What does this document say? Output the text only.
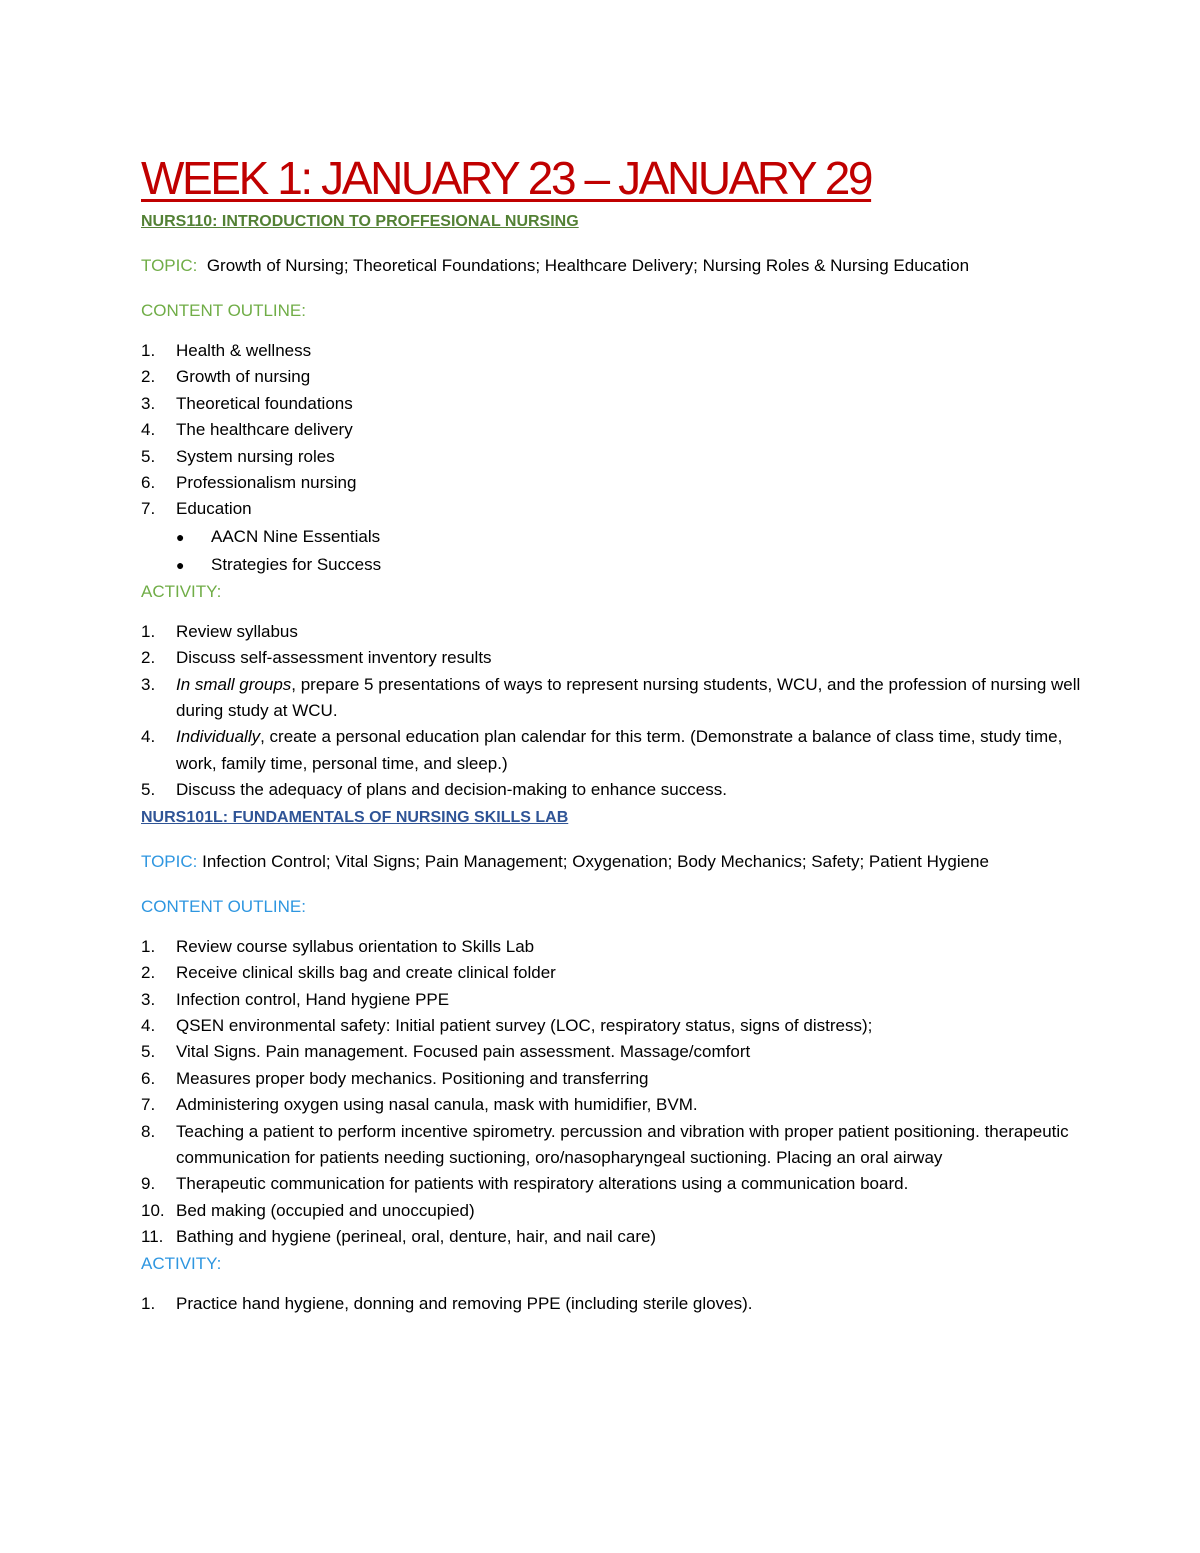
WEEK 1: JANUARY 23 – JANUARY 29
NURS110: INTRODUCTION TO PROFFESIONAL NURSING

TOPIC: Growth of Nursing; Theoretical Foundations; Healthcare Delivery; Nursing Roles & Nursing Education

CONTENT OUTLINE:
1.	Health & wellness
2.	Growth of nursing
3.	Theoretical foundations
4.	The healthcare delivery
5.	System nursing roles
6.	Professionalism nursing
7.	Education
● AACN Nine Essentials
● Strategies for Success
ACTIVITY:
1.	Review syllabus
2.	Discuss self-assessment inventory results
3.	In small groups, prepare 5 presentations of ways to represent nursing students, WCU, and the profession of nursing well during study at WCU.
4.	Individually, create a personal education plan calendar for this term. (Demonstrate a balance of class time, study time, work, family time, personal time, and sleep.)
5.	Discuss the adequacy of plans and decision-making to enhance success.
NURS101L: FUNDAMENTALS OF NURSING SKILLS LAB

TOPIC: Infection Control; Vital Signs; Pain Management; Oxygenation; Body Mechanics; Safety; Patient Hygiene

CONTENT OUTLINE:
1.	Review course syllabus orientation to Skills Lab
2.	Receive clinical skills bag and create clinical folder
3.	Infection control, Hand hygiene PPE
4.	QSEN environmental safety: Initial patient survey (LOC, respiratory status, signs of distress);
5.	Vital Signs. Pain management. Focused pain assessment. Massage/comfort
6.	Measures proper body mechanics. Positioning and transferring
7.	Administering oxygen using nasal canula, mask with humidifier, BVM.
8.	Teaching a patient to perform incentive spirometry. percussion and vibration with proper patient positioning. therapeutic communication for patients needing suctioning, oro/nasopharyngeal suctioning. Placing an oral airway
9.	Therapeutic communication for patients with respiratory alterations using a communication board.
10. Bed making (occupied and unoccupied)
11. Bathing and hygiene (perineal, oral, denture, hair, and nail care)
ACTIVITY:
1.	Practice hand hygiene, donning and removing PPE (including sterile gloves).
